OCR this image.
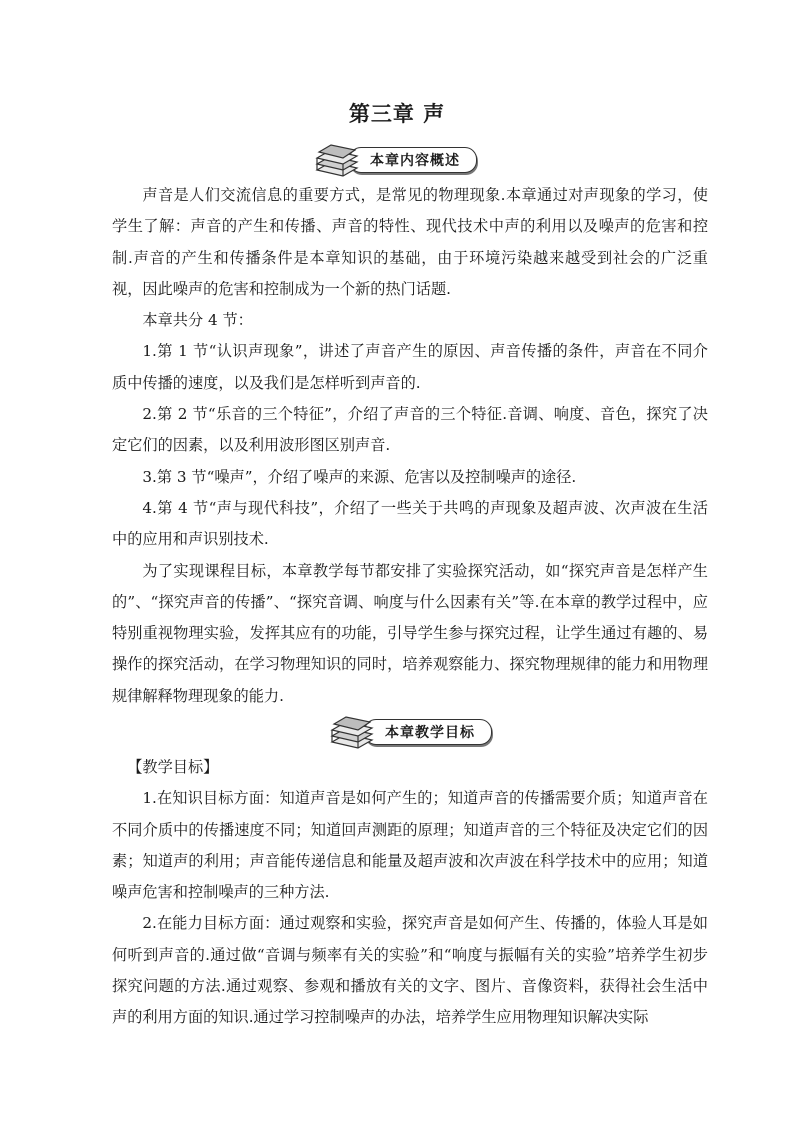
第三章 声
本章内容概述

声音是人们交流信息的重要方式，是常见的物理现象.本章通过对声现象的学习，使学生了解：声音的产生和传播、声音的特性、现代技术中声的利用以及噪声的危害和控制.声音的产生和传播条件是本章知识的基础，由于环境污染越来越受到社会的广泛重视，因此噪声的危害和控制成为一个新的热门话题.

本章共分 4 节：

1.第 1 节“认识声现象”，讲述了声音产生的原因、声音传播的条件，声音在不同介质中传播的速度，以及我们是怎样听到声音的.

2.第 2 节“乐音的三个特征”，介绍了声音的三个特征.音调、响度、音色，探究了决定它们的因素，以及利用波形图区别声音.

3.第 3 节“噪声”，介绍了噪声的来源、危害以及控制噪声的途径.

4.第 4 节“声与现代科技”，介绍了一些关于共鸣的声现象及超声波、次声波在生活中的应用和声识别技术.

为了实现课程目标，本章教学每节都安排了实验探究活动，如“探究声音是怎样产生的”、“探究声音的传播”、“探究音调、响度与什么因素有关”等.在本章的教学过程中，应特别重视物理实验，发挥其应有的功能，引导学生参与探究过程，让学生通过有趣的、易操作的探究活动，在学习物理知识的同时，培养观察能力、探究物理规律的能力和用物理规律解释物理现象的能力.

本章教学目标

【教学目标】

1.在知识目标方面：知道声音是如何产生的；知道声音的传播需要介质；知道声音在不同介质中的传播速度不同；知道回声测距的原理；知道声音的三个特征及决定它们的因素；知道声的利用；声音能传递信息和能量及超声波和次声波在科学技术中的应用；知道噪声危害和控制噪声的三种方法.

2.在能力目标方面：通过观察和实验，探究声音是如何产生、传播的，体验人耳是如何听到声音的.通过做“音调与频率有关的实验”和“响度与振幅有关的实验”培养学生初步探究问题的方法.通过观察、参观和播放有关的文字、图片、音像资料，获得社会生活中声的利用方面的知识.通过学习控制噪声的办法，培养学生应用物理知识解决实际
